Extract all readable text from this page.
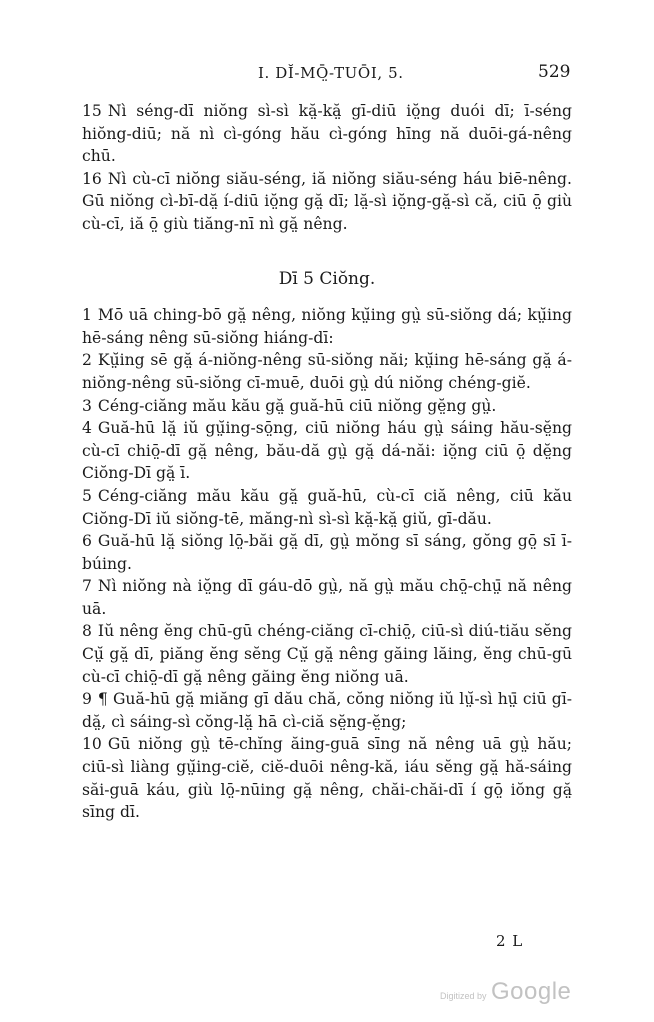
I. DĬ-MŌ̤-TUŌI, 5.	529
15 Nì séng-dī niŏng sì-sì kă̤-kă̤ gī-diū iŏ̤ng duói dī; ī-séng hiŏng-diū; nă nì cì-góng hău cì-góng hīng nă duōi-gá-nêng chū.
16 Nì cù-cī niŏng siău-séng, iă niŏng siău-séng háu biē-nêng. Gū niŏng cì-bī-dă̤ í-diū iŏ̤ng gă̤ dī; lă̤-sì iŏ̤ng-gă̤-sì că, ciū ō̤ giù cù-cī, iă ō̤ giù tiăng-nī nì gă̤ nêng.
Dī 5 Ciŏng.
1 Mō uā ching-bō gă̤ nêng, niŏng kṳ̆ing gṳ̀ sū-siŏng dá; kṳ̆ing hē-sáng nêng sū-siŏng hiáng-dī:
2 Kṳ̆ing sē gă̤ á-niŏng-nêng sū-siŏng năi; kṳ̆ing hē-sáng gă̤ á-niŏng-nêng sū-siŏng cī-muē, duōi gṳ̀ dú niŏng chéng-giĕ.
3 Céng-ciăng mău kău gă̤ guă-hū ciū niŏng gĕ̤ng gṳ̀.
4 Guă-hū lă̤ iŭ gṳ̆ing-sō̤ng, ciū niŏng háu gṳ̀ sáing hău-sĕ̤ng cù-cī chiō̤-dī gă̤ nêng, bău-dă gṳ̀ gă̤ dá-năi: iŏ̤ng ciū ō̤ dĕ̤ng Ciŏng-Dī gă̤ ī.
5 Céng-ciăng mău kău gă̤ guă-hū, cù-cī ciă nêng, ciū kău Ciŏng-Dī iŭ siŏng-tē, măng-nì sì-sì kă̤-kă̤ giŭ, gī-dău.
6 Guă-hū lă̤ siŏng lō̤-băi gă̤ dī, gṳ̀ mŏng sī sáng, gŏng gō̤ sī ī-búing.
7 Nì niŏng nà iŏ̤ng dī gáu-dō gṳ̀, nă gṳ̀ mău chō̤-chṳ̄ nă nêng uā.
8 Iŭ nêng ĕng chū-gū chéng-ciăng cī-chiō̤, ciū-sì diú-tiău sĕng Cṳ̆ gă̤ dī, piăng ĕng sĕng Cṳ̆ gă̤ nêng găing lăing, ĕng chū-gū cù-cī chiō̤-dī gă̤ nêng găing ĕng niŏng uā.
9 ¶ Guă-hū gă̤ miăng gī dău chă, cŏng niŏng iŭ lṳ̆-sì hṳ̄ ciū gī-dă̤, cì sáing-sì cŏng-lă̤ hā cì-ciă sĕ̤ng-ĕ̤ng;
10 Gū niŏng gṳ̀ tē-chĭng ăing-guā sīng nă nêng uā gṳ̀ hău; ciū-sì liàng gṳ̆ing-ciĕ, ciĕ-duōi nêng-kă, iáu sĕng gă̤ hă-sáing săi-guā káu, giù lō̤-nūing gă̤ nêng, chăi-chăi-dī í gō̤ iŏng gă̤ sīng dī.
2 L
Digitized by Google
